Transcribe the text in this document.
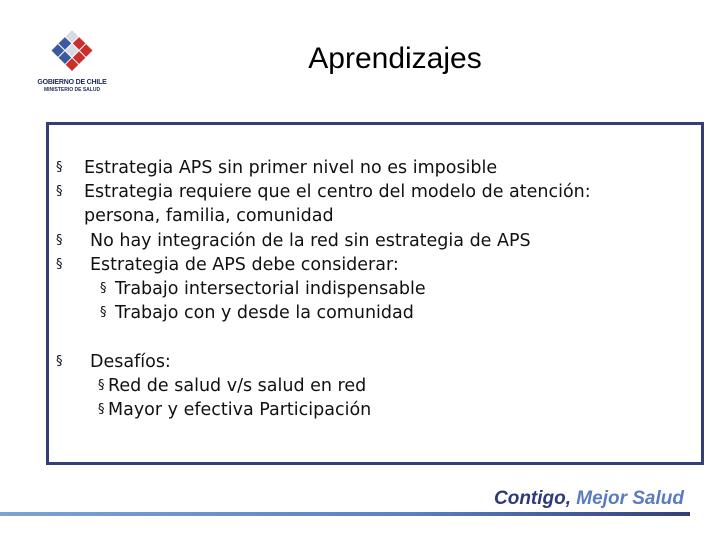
GOBIERNO DE CHILE
MINISTERIO DE SALUD
Aprendizajes
§ Estrategia APS sin primer nivel no es imposible
§ Estrategia requiere que el centro del modelo de atención:
persona, familia, comunidad
§ No hay integración de la red sin estrategia de APS
§ Estrategia de APS debe considerar:
§ Trabajo intersectorial indispensable
§ Trabajo con y desde la comunidad
§ Desafíos:
§ Red de salud v/s salud en red
§ Mayor y efectiva Participación
Contigo, Mejor Salud
